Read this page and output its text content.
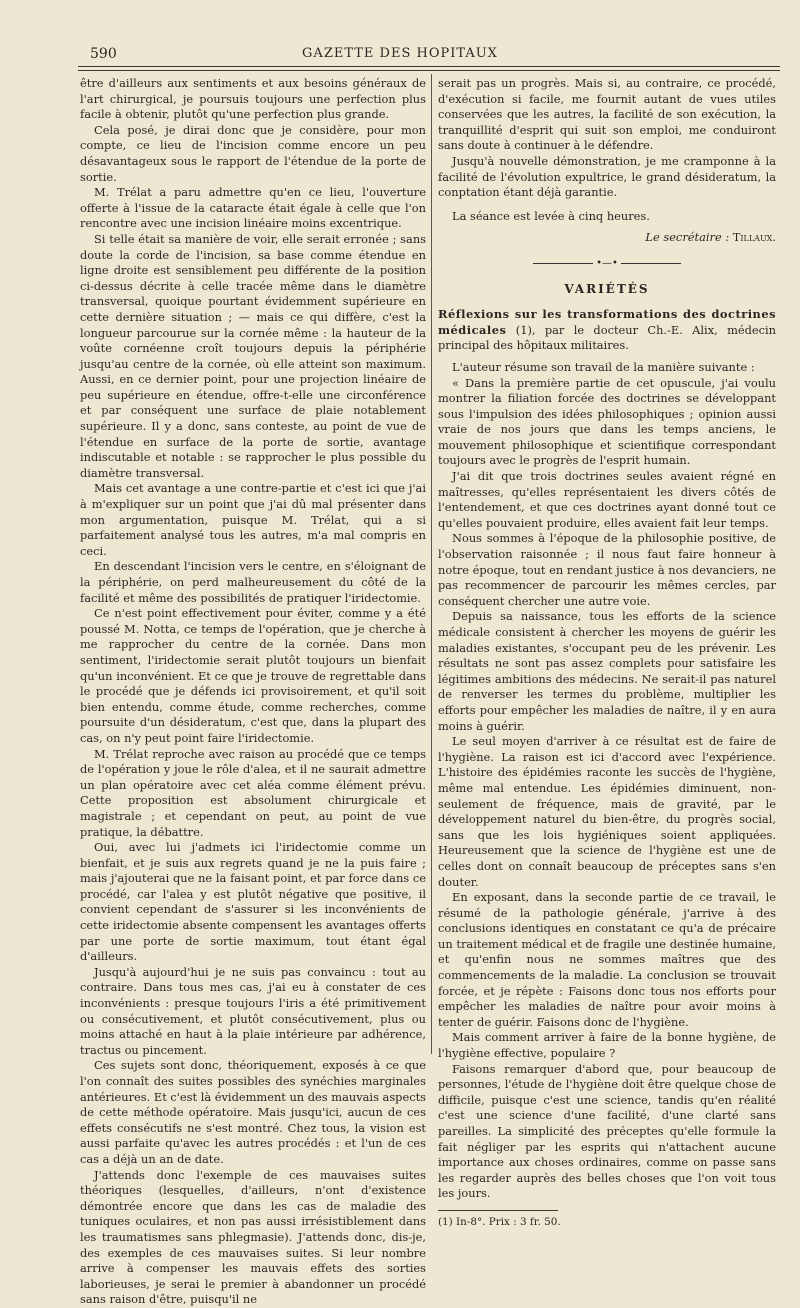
590	GAZETTE DES HOPITAUX

être d'ailleurs aux sentiments et aux besoins généraux de l'art chirurgical, je poursuis toujours une perfection plus facile à obtenir, plutôt qu'une perfection plus grande.

Cela posé, je dirai donc que je considère, pour mon compte, ce lieu de l'incision comme encore un peu désavantageux sous le rapport de l'étendue de la porte de sortie.

M. Trélat a paru admettre qu'en ce lieu, l'ouverture offerte à l'issue de la cataracte était égale à celle que l'on rencontre avec une incision linéaire moins excentrique.

Si telle était sa manière de voir, elle serait erronée ; sans doute la corde de l'incision, sa base comme étendue en ligne droite est sensiblement peu différente de la position ci-dessus décrite à celle tracée même dans le diamètre transversal, quoique pourtant évidemment supérieure en cette dernière situation ; — mais ce qui diffère, c'est la longueur parcourue sur la cornée même : la hauteur de la voûte cornéenne croît toujours depuis la périphérie jusqu'au centre de la cornée, où elle atteint son maximum. Aussi, en ce dernier point, pour une projection linéaire de peu supérieure en étendue, offre-t-elle une circonférence et par conséquent une surface de plaie notablement supérieure. Il y a donc, sans conteste, au point de vue de l'étendue en surface de la porte de sortie, avantage indiscutable et notable : se rapprocher le plus possible du diamètre transversal.

Mais cet avantage a une contre-partie et c'est ici que j'ai à m'expliquer sur un point que j'ai dû mal présenter dans mon argumentation, puisque M. Trélat, qui a si parfaitement analysé tous les autres, m'a mal compris en ceci.

En descendant l'incision vers le centre, en s'éloignant de la périphérie, on perd malheureusement du côté de la facilité et même des possibilités de pratiquer l'iridectomie.

Ce n'est point effectivement pour éviter, comme y a été poussé M. Notta, ce temps de l'opération, que je cherche à me rapprocher du centre de la cornée. Dans mon sentiment, l'iridectomie serait plutôt toujours un bienfait qu'un inconvénient. Et ce que je trouve de regrettable dans le procédé que je défends ici provisoirement, et qu'il soit bien entendu, comme étude, comme recherches, comme poursuite d'un désideratum, c'est que, dans la plupart des cas, on n'y peut point faire l'iridectomie.

M. Trélat reproche avec raison au procédé que ce temps de l'opération y joue le rôle d'alea, et il ne saurait admettre un plan opératoire avec cet aléa comme élément prévu. Cette proposition est absolument chirurgicale et magistrale ; et cependant on peut, au point de vue pratique, la débattre.

Oui, avec lui j'admets ici l'iridectomie comme un bienfait, et je suis aux regrets quand je ne la puis faire ; mais j'ajouterai que ne la faisant point, et par force dans ce procédé, car l'alea y est plutôt négative que positive, il convient cependant de s'assurer si les inconvénients de cette iridectomie absente compensent les avantages offerts par une porte de sortie maximum, tout étant égal d'ailleurs.

Jusqu'à aujourd'hui je ne suis pas convaincu : tout au contraire. Dans tous mes cas, j'ai eu à constater de ces inconvénients : presque toujours l'iris a été primitivement ou consécutivement, et plutôt consécutivement, plus ou moins attaché en haut à la plaie intérieure par adhérence, tractus ou pincement.

Ces sujets sont donc, théoriquement, exposés à ce que l'on connaît des suites possibles des synéchies marginales antérieures. Et c'est là évidemment un des mauvais aspects de cette méthode opératoire. Mais jusqu'ici, aucun de ces effets consécutifs ne s'est montré. Chez tous, la vision est aussi parfaite qu'avec les autres procédés : et l'un de ces cas a déjà un an de date.

J'attends donc l'exemple de ces mauvaises suites théoriques (lesquelles, d'ailleurs, n'ont d'existence démontrée encore que dans les cas de maladie des tuniques oculaires, et non pas aussi irrésistiblement dans les traumatismes sans phlegmasie). J'attends donc, dis-je, des exemples de ces mauvaises suites. Si leur nombre arrive à compenser les mauvais effets des sorties laborieuses, je serai le premier à abandonner un procédé sans raison d'être, puisqu'il ne

serait pas un progrès. Mais si, au contraire, ce procédé, d'exécution si facile, me fournit autant de vues utiles conservées que les autres, la facilité de son exécution, la tranquillité d'esprit qui suit son emploi, me conduiront sans doute à continuer à le défendre.

Jusqu'à nouvelle démonstration, je me cramponne à la facilité de l'évolution expultrice, le grand désideratum, la conptation étant déjà garantie.

La séance est levée à cinq heures.

Le secrétaire : Tillaux.

•—•
VARIÉTÉS

Réflexions sur les transformations des doctrines médicales (1), par le docteur Ch.-E. Alix, médecin principal des hôpitaux militaires.

L'auteur résume son travail de la manière suivante :

« Dans la première partie de cet opuscule, j'ai voulu montrer la filiation forcée des doctrines se développant sous l'impulsion des idées philosophiques ; opinion aussi vraie de nos jours que dans les temps anciens, le mouvement philosophique et scientifique correspondant toujours avec le progrès de l'esprit humain.

J'ai dit que trois doctrines seules avaient régné en maîtresses, qu'elles représentaient les divers côtés de l'entendement, et que ces doctrines ayant donné tout ce qu'elles pouvaient produire, elles avaient fait leur temps.

Nous sommes à l'époque de la philosophie positive, de l'observation raisonnée ; il nous faut faire honneur à notre époque, tout en rendant justice à nos devanciers, ne pas recommencer de parcourir les mêmes cercles, par conséquent chercher une autre voie.

Depuis sa naissance, tous les efforts de la science médicale consistent à chercher les moyens de guérir les maladies existantes, s'occupant peu de les prévenir. Les résultats ne sont pas assez complets pour satisfaire les légitimes ambitions des médecins. Ne serait-il pas naturel de renverser les termes du problème, multiplier les efforts pour empêcher les maladies de naître, il y en aura moins à guérir.

Le seul moyen d'arriver à ce résultat est de faire de l'hygiène. La raison est ici d'accord avec l'expérience. L'histoire des épidémies raconte les succès de l'hygiène, même mal entendue. Les épidémies diminuent, non-seulement de fréquence, mais de gravité, par le développement naturel du bien-être, du progrès social, sans que les lois hygiéniques soient appliquées. Heureusement que la science de l'hygiène est une de celles dont on connaît beaucoup de préceptes sans s'en douter.

En exposant, dans la seconde partie de ce travail, le résumé de la pathologie générale, j'arrive à des conclusions identiques en constatant ce qu'a de précaire un traitement médical et de fragile une destinée humaine, et qu'enfin nous ne sommes maîtres que des commencements de la maladie. La conclusion se trouvait forcée, et je répète : Faisons donc tous nos efforts pour empêcher les maladies de naître pour avoir moins à tenter de guérir. Faisons donc de l'hygiène.

Mais comment arriver à faire de la bonne hygiène, de l'hygiène effective, populaire ?

Faisons remarquer d'abord que, pour beaucoup de personnes, l'étude de l'hygiène doit être quelque chose de difficile, puisque c'est une science, tandis qu'en réalité c'est une science d'une facilité, d'une clarté sans pareilles. La simplicité des préceptes qu'elle formule la fait négliger par les esprits qui n'attachent aucune importance aux choses ordinaires, comme on passe sans les regarder auprès des belles choses que l'on voit tous les jours.

(1) In-8°. Prix : 3 fr. 50.
